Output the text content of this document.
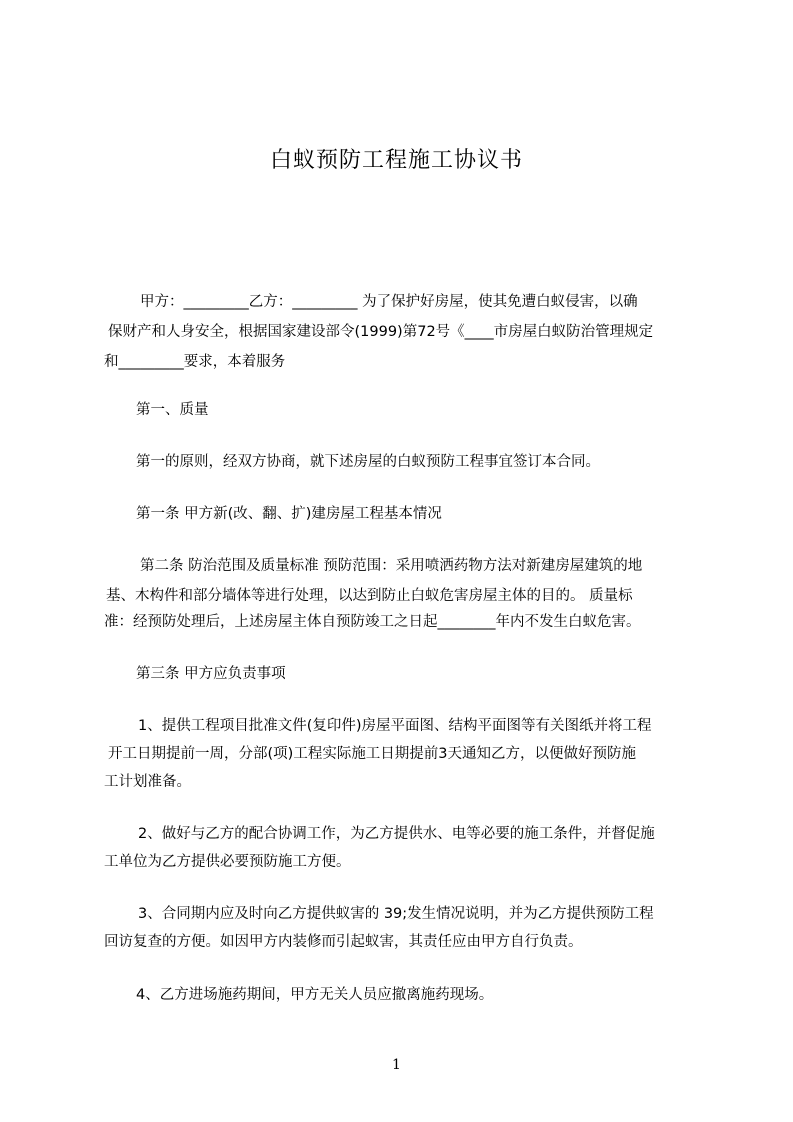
白蚁预防工程施工协议书
甲方：_________乙方：_________ 为了保护好房屋，使其免遭白蚁侵害，以确
保财产和人身安全，根据国家建设部令(1999)第72号《____市房屋白蚁防治管理规定
和_________要求，本着服务
第一、质量
第一的原则，经双方协商，就下述房屋的白蚁预防工程事宜签订本合同。
第一条 甲方新(改、翻、扩)建房屋工程基本情况
第二条 防治范围及质量标准 预防范围：采用喷洒药物方法对新建房屋建筑的地
基、木构件和部分墙体等进行处理，以达到防止白蚁危害房屋主体的目的。 质量标
准：经预防处理后，上述房屋主体自预防竣工之日起________年内不发生白蚁危害。
第三条 甲方应负责事项
1、提供工程项目批准文件(复印件)房屋平面图、结构平面图等有关图纸并将工程
开工日期提前一周，分部(项)工程实际施工日期提前3天通知乙方，以便做好预防施
工计划准备。
2、做好与乙方的配合协调工作，为乙方提供水、电等必要的施工条件，并督促施
工单位为乙方提供必要预防施工方便。
3、合同期内应及时向乙方提供蚁害的 39;发生情况说明，并为乙方提供预防工程
回访复查的方便。如因甲方内装修而引起蚁害，其责任应由甲方自行负责。
4、乙方进场施药期间，甲方无关人员应撤离施药现场。
1
